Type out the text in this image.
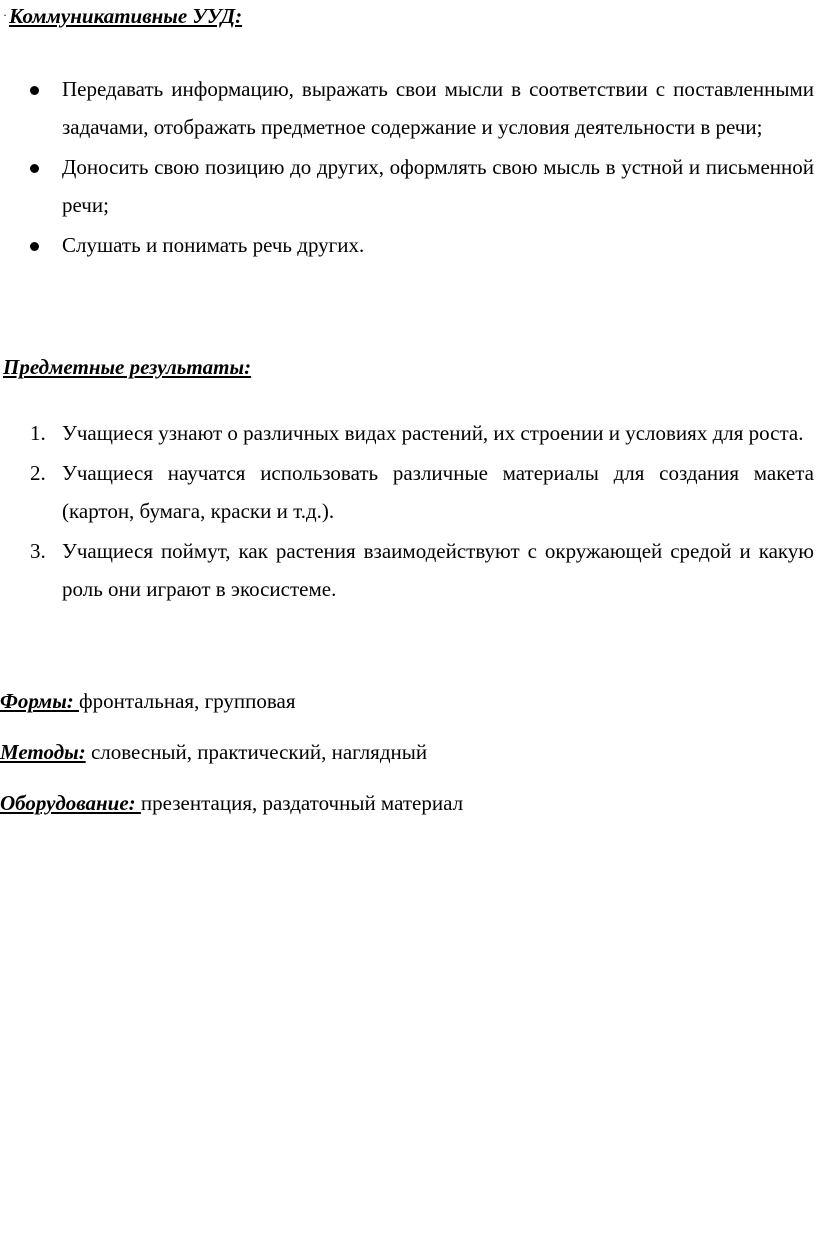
·Коммуникативные УУД:
Передавать информацию, выражать свои мысли в соответствии с поставленными задачами, отображать предметное содержание и условия деятельности в речи;
Доносить свою позицию до других, оформлять свою мысль в устной и письменной речи;
Слушать и понимать речь других.
Предметные результаты:
1. Учащиеся узнают о различных видах растений, их строении и условиях для роста.
2. Учащиеся научатся использовать различные материалы для создания макета (картон, бумага, краски и т.д.).
3. Учащиеся поймут, как растения взаимодействуют с окружающей средой и какую роль они играют в экосистеме.
Формы: фронтальная, групповая
Методы: словесный, практический, наглядный
Оборудование: презентация, раздаточный материал
